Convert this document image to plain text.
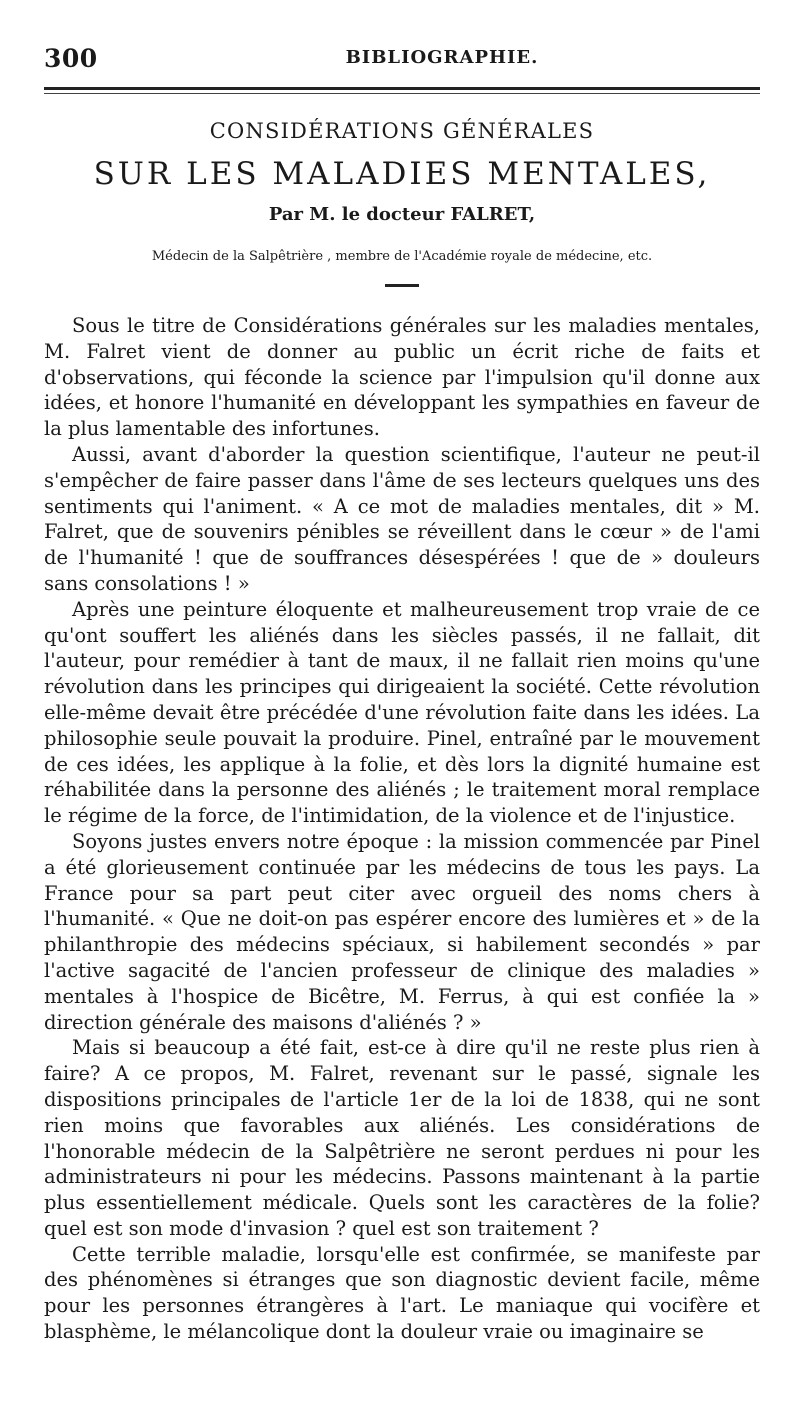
300	BIBLIOGRAPHIE.
CONSIDÉRATIONS GÉNÉRALES
SUR LES MALADIES MENTALES,
Par M. le docteur FALRET,
Médecin de la Salpêtrière , membre de l'Académie royale de médecine, etc.

Sous le titre de Considérations générales sur les maladies mentales, M. Falret vient de donner au public un écrit riche de faits et d'observations, qui féconde la science par l'impulsion qu'il donne aux idées, et honore l'humanité en développant les sympathies en faveur de la plus lamentable des infortunes.

Aussi, avant d'aborder la question scientifique, l'auteur ne peut-il s'empêcher de faire passer dans l'âme de ses lecteurs quelques uns des sentiments qui l'animent. « A ce mot de maladies mentales, dit » M. Falret, que de souvenirs pénibles se réveillent dans le cœur » de l'ami de l'humanité ! que de souffrances désespérées ! que de » douleurs sans consolations ! »

Après une peinture éloquente et malheureusement trop vraie de ce qu'ont souffert les aliénés dans les siècles passés, il ne fallait, dit l'auteur, pour remédier à tant de maux, il ne fallait rien moins qu'une révolution dans les principes qui dirigeaient la société. Cette révolution elle-même devait être précédée d'une révolution faite dans les idées. La philosophie seule pouvait la produire. Pinel, entraîné par le mouvement de ces idées, les applique à la folie, et dès lors la dignité humaine est réhabilitée dans la personne des aliénés ; le traitement moral remplace le régime de la force, de l'intimidation, de la violence et de l'injustice.

Soyons justes envers notre époque : la mission commencée par Pinel a été glorieusement continuée par les médecins de tous les pays. La France pour sa part peut citer avec orgueil des noms chers à l'humanité. « Que ne doit-on pas espérer encore des lumières et » de la philanthropie des médecins spéciaux, si habilement secondés » par l'active sagacité de l'ancien professeur de clinique des maladies » mentales à l'hospice de Bicêtre, M. Ferrus, à qui est confiée la » direction générale des maisons d'aliénés ? »

Mais si beaucoup a été fait, est-ce à dire qu'il ne reste plus rien à faire? A ce propos, M. Falret, revenant sur le passé, signale les dispositions principales de l'article 1er de la loi de 1838, qui ne sont rien moins que favorables aux aliénés. Les considérations de l'honorable médecin de la Salpêtrière ne seront perdues ni pour les administrateurs ni pour les médecins. Passons maintenant à la partie plus essentiellement médicale. Quels sont les caractères de la folie? quel est son mode d'invasion ? quel est son traitement ?

Cette terrible maladie, lorsqu'elle est confirmée, se manifeste par des phénomènes si étranges que son diagnostic devient facile, même pour les personnes étrangères à l'art. Le maniaque qui vocifère et blasphème, le mélancolique dont la douleur vraie ou imaginaire se
